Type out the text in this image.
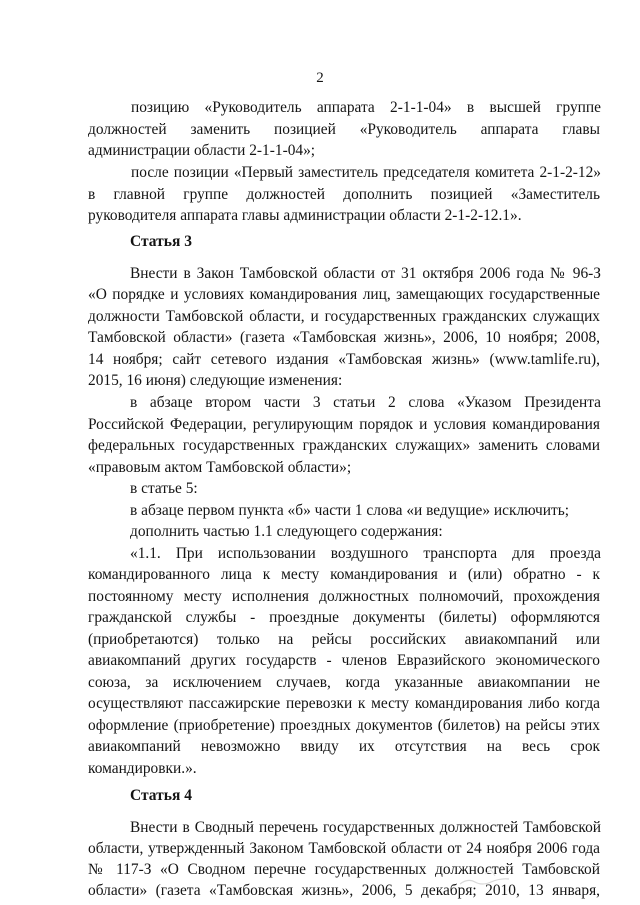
2
позицию «Руководитель аппарата 2-1-1-04» в высшей группе
должностей заменить позицией «Руководитель аппарата главы
администрации области 2-1-1-04»;
после позиции «Первый заместитель председателя комитета 2-1-2-12»
в главной группе должностей дополнить позицией «Заместитель
руководителя аппарата главы администрации области 2-1-2-12.1».
Статья 3
Внести в Закон Тамбовской области от 31 октября 2006 года № 96-З
«О порядке и условиях командирования лиц, замещающих государственные
должности Тамбовской области, и государственных гражданских служащих
Тамбовской области» (газета «Тамбовская жизнь», 2006, 10 ноября; 2008,
14 ноября; сайт сетевого издания «Тамбовская жизнь» (www.tamlife.ru),
2015, 16 июня) следующие изменения:
в абзаце втором части 3 статьи 2 слова «Указом Президента
Российской Федерации, регулирующим порядок и условия командирования
федеральных государственных гражданских служащих» заменить словами
«правовым актом Тамбовской области»;
в статье 5:
в абзаце первом пункта «б» части 1 слова «и ведущие» исключить;
дополнить частью 1.1 следующего содержания:
«1.1. При использовании воздушного транспорта для проезда
командированного лица к месту командирования и (или) обратно - к
постоянному месту исполнения должностных полномочий, прохождения
гражданской службы - проездные документы (билеты) оформляются
(приобретаются) только на рейсы российских авиакомпаний или
авиакомпаний других государств - членов Евразийского экономического
союза, за исключением случаев, когда указанные авиакомпании не
осуществляют пассажирские перевозки к месту командирования либо когда
оформление (приобретение) проездных документов (билетов) на рейсы этих
авиакомпаний невозможно ввиду их отсутствия на весь срок
командировки.».
Статья 4
Внести в Сводный перечень государственных должностей Тамбовской
области, утвержденный Законом Тамбовской области от 24 ноября 2006 года
№ 117-З «О Сводном перечне государственных должностей Тамбовской
области» (газета «Тамбовская жизнь», 2006, 5 декабря; 2010, 13 января,
